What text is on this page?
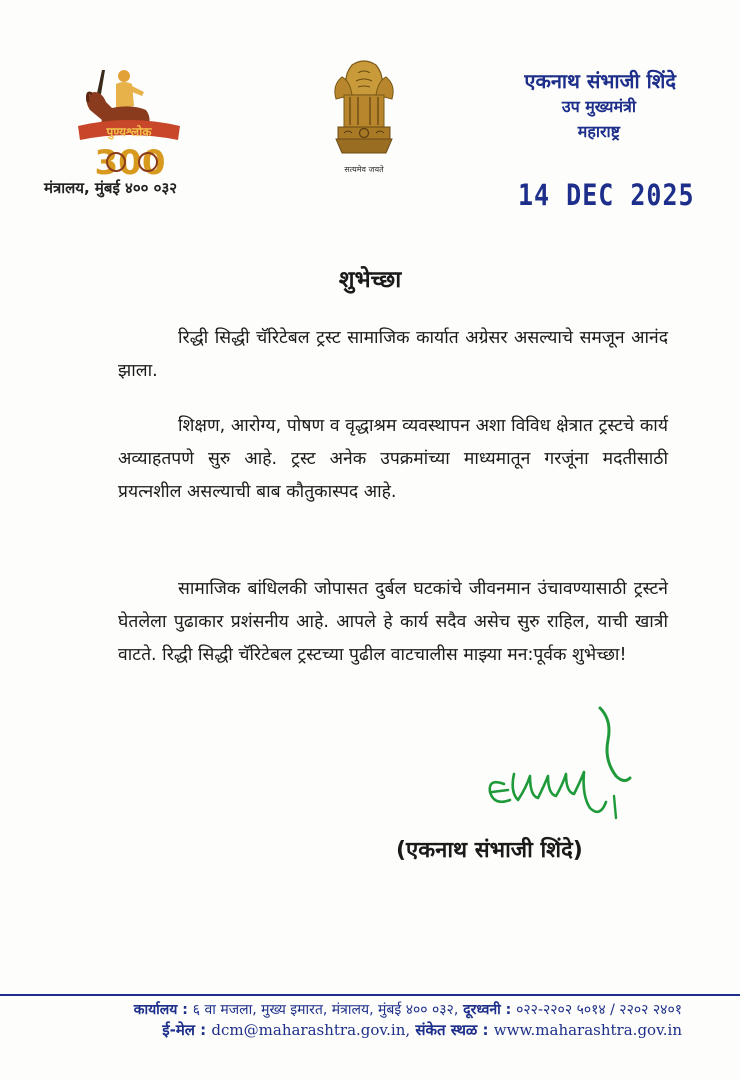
पुण्यश्लोक
300
मंत्रालय, मुंबई ४०० ०३२
सत्यमेव जयते
एकनाथ संभाजी शिंदे
उप मुख्यमंत्री
महाराष्ट्र
14 DEC 2025
शुभेच्छा
रिद्धी सिद्धी चॅरिटेबल ट्रस्ट सामाजिक कार्यात अग्रेसर असल्याचे समजून आनंद झाला.
शिक्षण, आरोग्य, पोषण व वृद्धाश्रम व्यवस्थापन अशा विविध क्षेत्रात ट्रस्टचे कार्य अव्याहतपणे सुरु आहे. ट्रस्ट अनेक उपक्रमांच्या माध्यमातून गरजूंना मदतीसाठी प्रयत्नशील असल्याची बाब कौतुकास्पद आहे.
सामाजिक बांधिलकी जोपासत दुर्बल घटकांचे जीवनमान उंचावण्यासाठी ट्रस्टने घेतलेला पुढाकार प्रशंसनीय आहे. आपले हे कार्य सदैव असेच सुरु राहिल, याची खात्री वाटते. रिद्धी सिद्धी चॅरिटेबल ट्रस्टच्या पुढील वाटचालीस माझ्या मन:पूर्वक शुभेच्छा!
(एकनाथ संभाजी शिंदे)
कार्यालय : ६ वा मजला, मुख्य इमारत, मंत्रालय, मुंबई ४०० ०३२, दूरध्वनी : ०२२-२२०२ ५०१४ / २२०२ २४०१
ई-मेल : dcm@maharashtra.gov.in, संकेत स्थळ : www.maharashtra.gov.in
